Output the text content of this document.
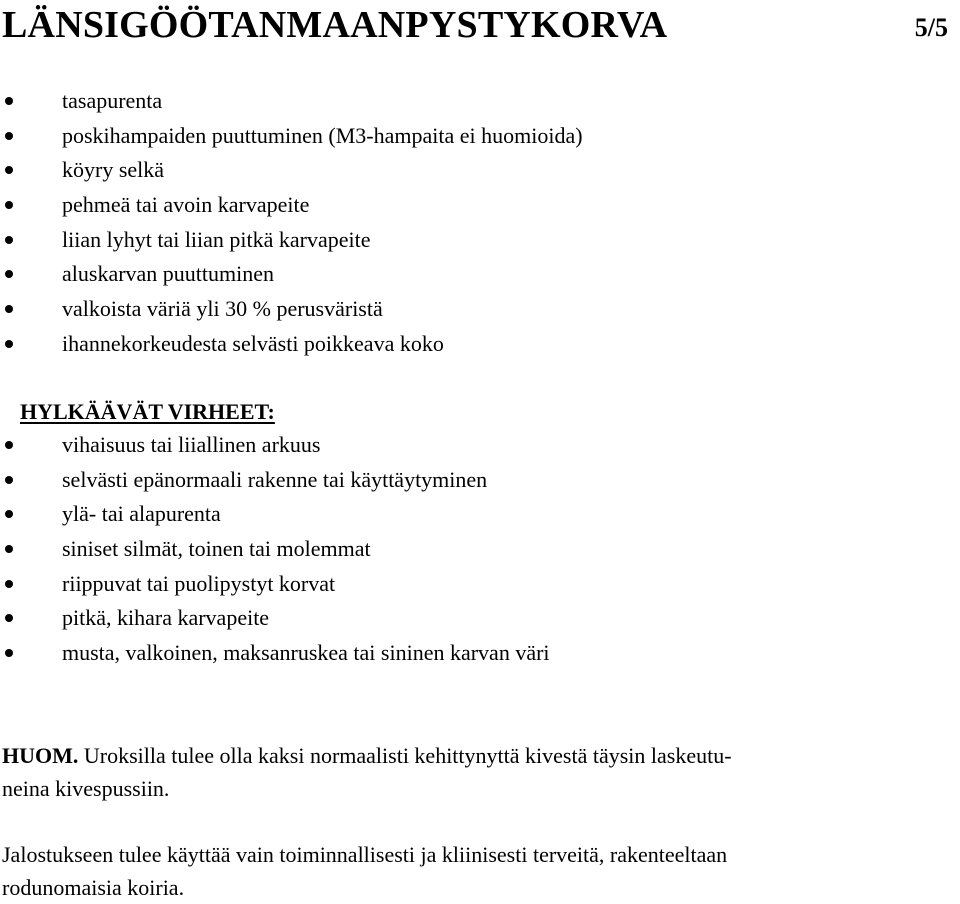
LÄNSIGÖÖTANMAANPYSTYKORVA	5/5
tasapurenta
poskihampaiden puuttuminen (M3-hampaita ei huomioida)
köyry selkä
pehmeä tai avoin karvapeite
liian lyhyt tai liian pitkä karvapeite
aluskarvan puuttuminen
valkoista väriä yli 30 % perusväristä
ihannekorkeudesta selvästi poikkeava koko
HYLKÄÄVÄT VIRHEET:
vihaisuus tai liiallinen arkuus
selvästi epänormaali rakenne tai käyttäytyminen
ylä- tai alapurenta
siniset silmät, toinen tai molemmat
riippuvat tai puolipystyt korvat
pitkä, kihara karvapeite
musta, valkoinen, maksanruskea tai sininen karvan väri
HUOM. Uroksilla tulee olla kaksi normaalisti kehittynyttä kivestä täysin laskeutu-
neina kivespussiin.
Jalostukseen tulee käyttää vain toiminnallisesti ja kliinisesti terveitä, rakenteeltaan
rodunomaisia koiria.
